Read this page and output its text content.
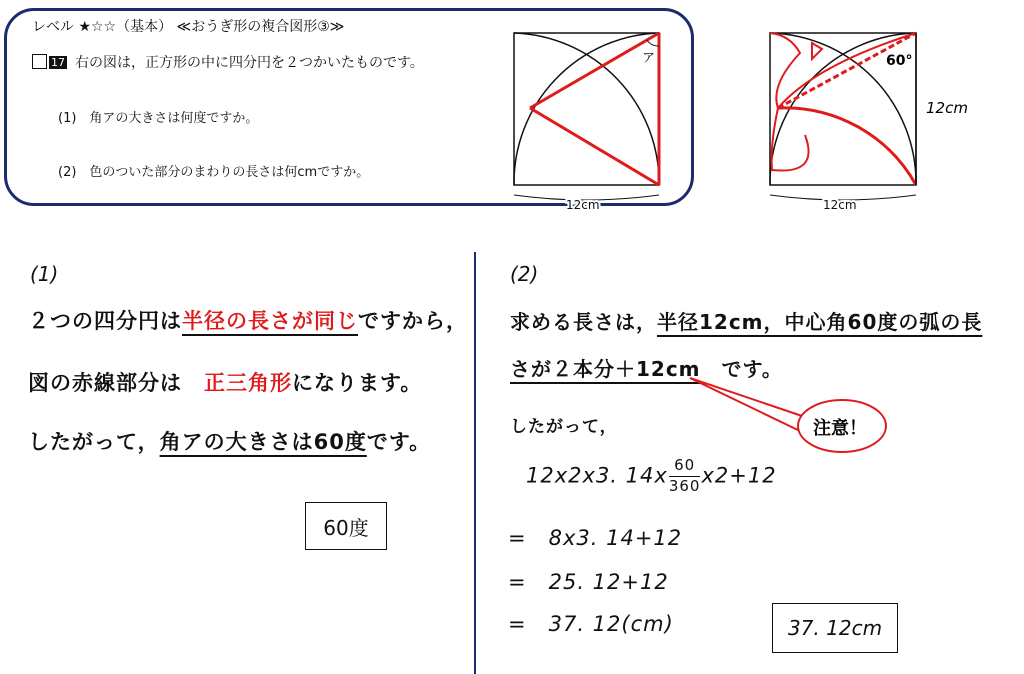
レベル ★☆☆（基本） ≪おうぎ形の複合図形③≫
17 右の図は，正方形の中に四分円を２つかいたものです。
(1)　角アの大きさは何度ですか。
(2)　色のついた部分のまわりの長さは何cmですか。
ア
12cm
60°
12cm
12cm
(1)
２つの四分円は半径の長さが同じですから，
図の赤線部分は　 正三角形になります。
したがって，角アの大きさは60度です。
60度
(2)
求める長さは，半径12cm，中心角60度の弧の長
さが２本分＋12cm　 です。
注意！
したがって，
12x2x3. $14x \frac{60}{360} x2+12$
=　8x3. 14+12
=　25. 12+12
=　37. 12(cm)	37. 12cm
